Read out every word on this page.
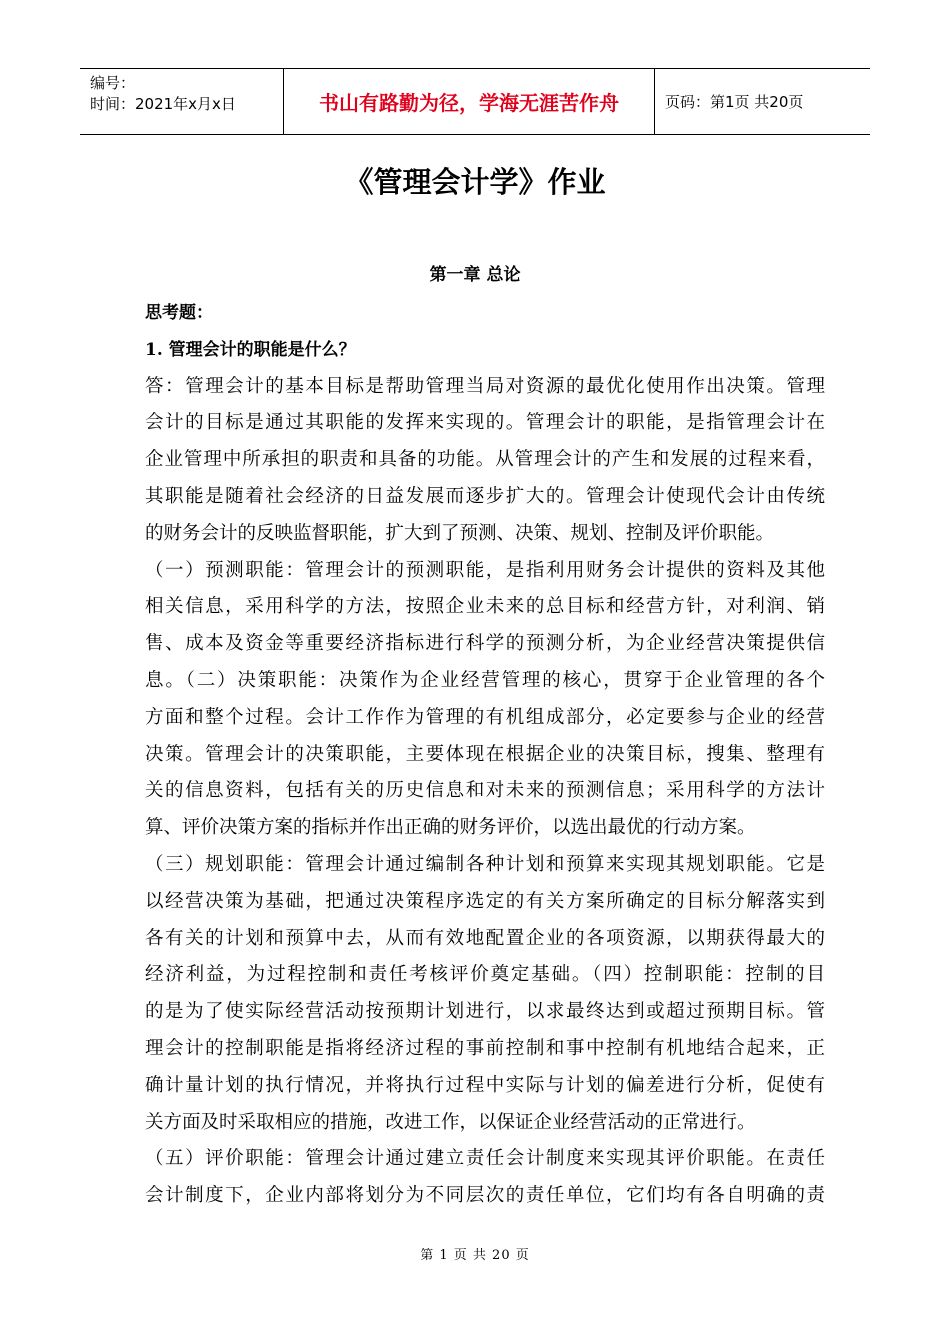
编号：
时间：2021年x月x日	书山有路勤为径，学海无涯苦作舟	页码：第1页 共20页
《管理会计学》作业
第一章 总论
思考题：
1. 管理会计的职能是什么？
答：管理会计的基本目标是帮助管理当局对资源的最优化使用作出决策。管理
会计的目标是通过其职能的发挥来实现的。管理会计的职能，是指管理会计在
企业管理中所承担的职责和具备的功能。从管理会计的产生和发展的过程来看，
其职能是随着社会经济的日益发展而逐步扩大的。管理会计使现代会计由传统
的财务会计的反映监督职能，扩大到了预测、决策、规划、控制及评价职能。
（一）预测职能：管理会计的预测职能，是指利用财务会计提供的资料及其他
相关信息，采用科学的方法，按照企业未来的总目标和经营方针，对利润、销
售、成本及资金等重要经济指标进行科学的预测分析，为企业经营决策提供信
息。（二）决策职能：决策作为企业经营管理的核心，贯穿于企业管理的各个
方面和整个过程。会计工作作为管理的有机组成部分，必定要参与企业的经营
决策。管理会计的决策职能，主要体现在根据企业的决策目标，搜集、整理有
关的信息资料，包括有关的历史信息和对未来的预测信息；采用科学的方法计
算、评价决策方案的指标并作出正确的财务评价，以选出最优的行动方案。
（三）规划职能：管理会计通过编制各种计划和预算来实现其规划职能。它是
以经营决策为基础，把通过决策程序选定的有关方案所确定的目标分解落实到
各有关的计划和预算中去，从而有效地配置企业的各项资源，以期获得最大的
经济利益，为过程控制和责任考核评价奠定基础。（四）控制职能：控制的目
的是为了使实际经营活动按预期计划进行，以求最终达到或超过预期目标。管
理会计的控制职能是指将经济过程的事前控制和事中控制有机地结合起来，正
确计量计划的执行情况，并将执行过程中实际与计划的偏差进行分析，促使有
关方面及时采取相应的措施，改进工作，以保证企业经营活动的正常进行。
（五）评价职能：管理会计通过建立责任会计制度来实现其评价职能。在责任
会计制度下，企业内部将划分为不同层次的责任单位，它们均有各自明确的责
第 1 页 共 20 页
